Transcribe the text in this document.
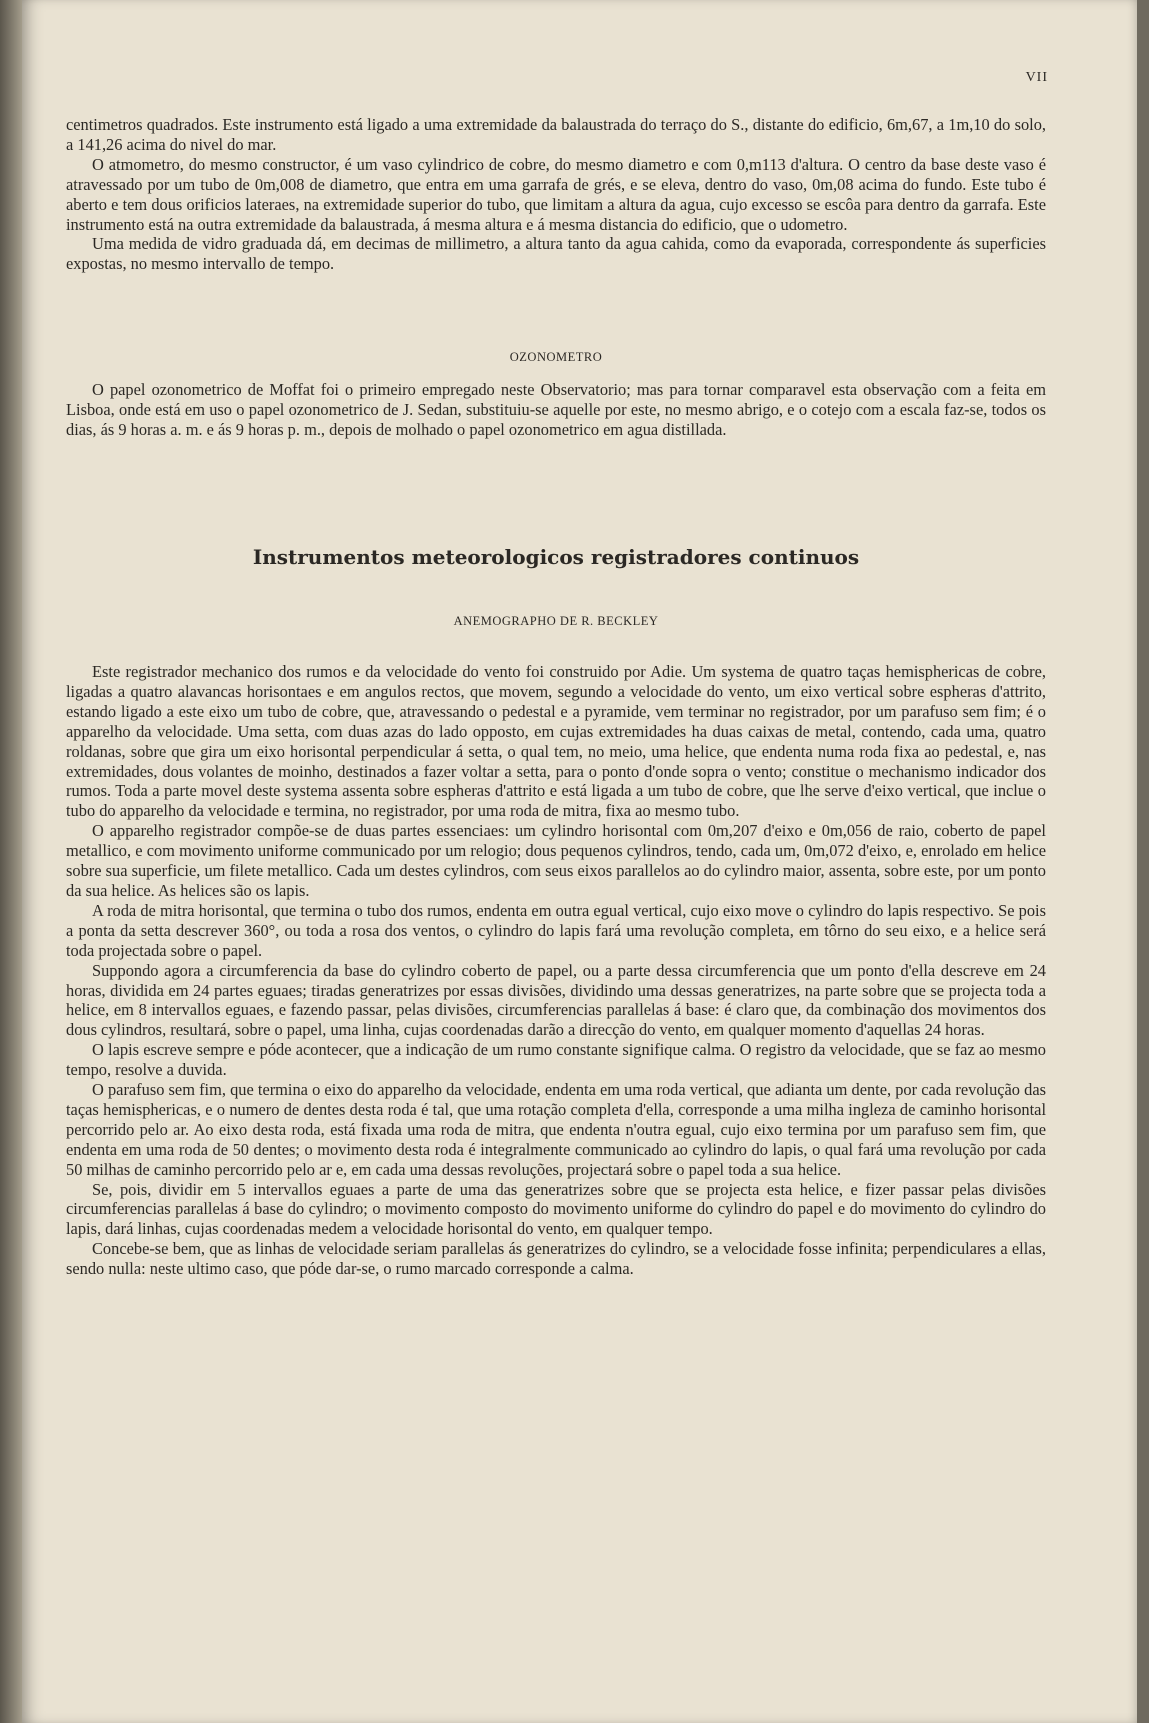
VII

centimetros quadrados. Este instrumento está ligado a uma extremidade da balaustrada do terraço do S., distante do edificio, 6m,67, a 1m,10 do solo, a 141,26 acima do nivel do mar.

O atmometro, do mesmo constructor, é um vaso cylindrico de cobre, do mesmo diametro e com 0,m113 d'altura. O centro da base deste vaso é atravessado por um tubo de 0m,008 de diametro, que entra em uma garrafa de grés, e se eleva, dentro do vaso, 0m,08 acima do fundo. Este tubo é aberto e tem dous orificios lateraes, na extremidade superior do tubo, que limitam a altura da agua, cujo excesso se escôa para dentro da garrafa. Este instrumento está na outra extremidade da balaustrada, á mesma altura e á mesma distancia do edificio, que o udometro.

Uma medida de vidro graduada dá, em decimas de millimetro, a altura tanto da agua cahida, como da evaporada, correspondente ás superficies expostas, no mesmo intervallo de tempo.

OZONOMETRO

O papel ozonometrico de Moffat foi o primeiro empregado neste Observatorio; mas para tornar comparavel esta observação com a feita em Lisboa, onde está em uso o papel ozonometrico de J. Sedan, substituiu-se aquelle por este, no mesmo abrigo, e o cotejo com a escala faz-se, todos os dias, ás 9 horas a. m. e ás 9 horas p. m., depois de molhado o papel ozonometrico em agua distillada.

Instrumentos meteorologicos registradores continuos
ANEMOGRAPHO DE R. BECKLEY

Este registrador mechanico dos rumos e da velocidade do vento foi construido por Adie. Um systema de quatro taças hemisphericas de cobre, ligadas a quatro alavancas horisontaes e em angulos rectos, que movem, segundo a velocidade do vento, um eixo vertical sobre espheras d'attrito, estando ligado a este eixo um tubo de cobre, que, atravessando o pedestal e a pyramide, vem terminar no registrador, por um parafuso sem fim; é o apparelho da velocidade. Uma setta, com duas azas do lado opposto, em cujas extremidades ha duas caixas de metal, contendo, cada uma, quatro roldanas, sobre que gira um eixo horisontal perpendicular á setta, o qual tem, no meio, uma helice, que endenta numa roda fixa ao pedestal, e, nas extremidades, dous volantes de moinho, destinados a fazer voltar a setta, para o ponto d'onde sopra o vento; constitue o mechanismo indicador dos rumos. Toda a parte movel deste systema assenta sobre espheras d'attrito e está ligada a um tubo de cobre, que lhe serve d'eixo vertical, que inclue o tubo do apparelho da velocidade e termina, no registrador, por uma roda de mitra, fixa ao mesmo tubo.

O apparelho registrador compõe-se de duas partes essenciaes: um cylindro horisontal com 0m,207 d'eixo e 0m,056 de raio, coberto de papel metallico, e com movimento uniforme communicado por um relogio; dous pequenos cylindros, tendo, cada um, 0m,072 d'eixo, e, enrolado em helice sobre sua superficie, um filete metallico. Cada um destes cylindros, com seus eixos parallelos ao do cylindro maior, assenta, sobre este, por um ponto da sua helice. As helices são os lapis.

A roda de mitra horisontal, que termina o tubo dos rumos, endenta em outra egual vertical, cujo eixo move o cylindro do lapis respectivo. Se pois a ponta da setta descrever 360°, ou toda a rosa dos ventos, o cylindro do lapis fará uma revolução completa, em tôrno do seu eixo, e a helice será toda projectada sobre o papel.

Suppondo agora a circumferencia da base do cylindro coberto de papel, ou a parte dessa circumferencia que um ponto d'ella descreve em 24 horas, dividida em 24 partes eguaes; tiradas generatrizes por essas divisões, dividindo uma dessas generatrizes, na parte sobre que se projecta toda a helice, em 8 intervallos eguaes, e fazendo passar, pelas divisões, circumferencias parallelas á base: é claro que, da combinação dos movimentos dos dous cylindros, resultará, sobre o papel, uma linha, cujas coordenadas darão a direcção do vento, em qualquer momento d'aquellas 24 horas.

O lapis escreve sempre e póde acontecer, que a indicação de um rumo constante signifique calma. O registro da velocidade, que se faz ao mesmo tempo, resolve a duvida.

O parafuso sem fim, que termina o eixo do apparelho da velocidade, endenta em uma roda vertical, que adianta um dente, por cada revolução das taças hemisphericas, e o numero de dentes desta roda é tal, que uma rotação completa d'ella, corresponde a uma milha ingleza de caminho horisontal percorrido pelo ar. Ao eixo desta roda, está fixada uma roda de mitra, que endenta n'outra egual, cujo eixo termina por um parafuso sem fim, que endenta em uma roda de 50 dentes; o movimento desta roda é integralmente communicado ao cylindro do lapis, o qual fará uma revolução por cada 50 milhas de caminho percorrido pelo ar e, em cada uma dessas revoluções, projectará sobre o papel toda a sua helice.

Se, pois, dividir em 5 intervallos eguaes a parte de uma das generatrizes sobre que se projecta esta helice, e fizer passar pelas divisões circumferencias parallelas á base do cylindro; o movimento composto do movimento uniforme do cylindro do papel e do movimento do cylindro do lapis, dará linhas, cujas coordenadas medem a velocidade horisontal do vento, em qualquer tempo.

Concebe-se bem, que as linhas de velocidade seriam parallelas ás generatrizes do cylindro, se a velocidade fosse infinita; perpendiculares a ellas, sendo nulla: neste ultimo caso, que póde dar-se, o rumo marcado corresponde a calma.
